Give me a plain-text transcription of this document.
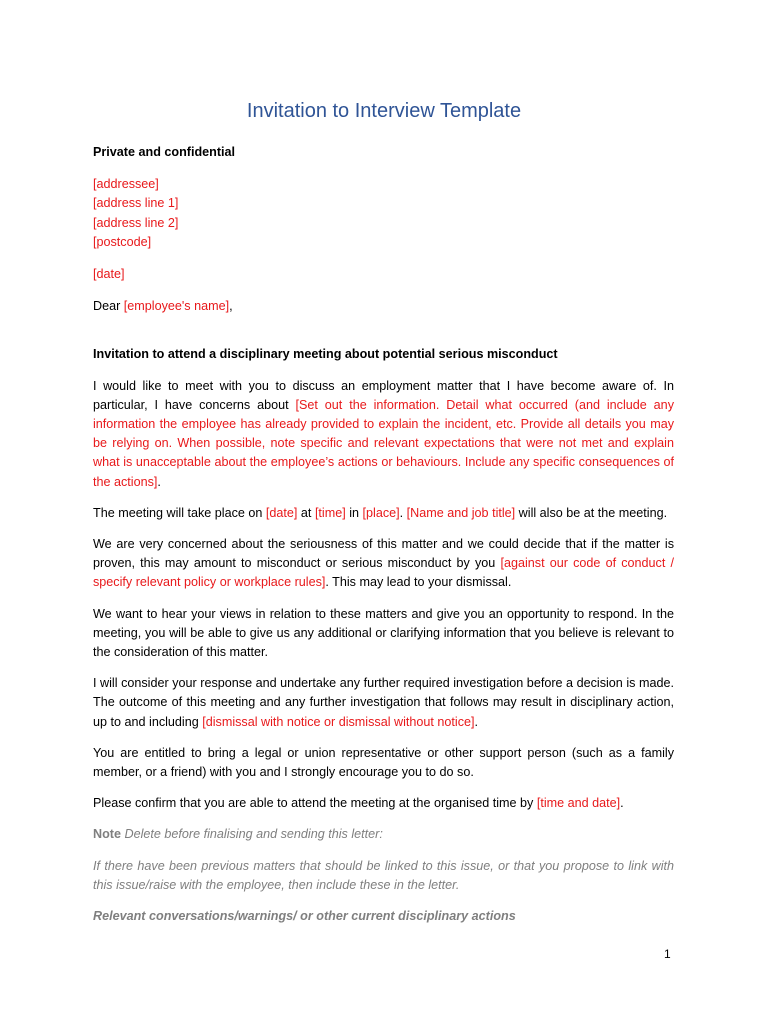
Invitation to Interview Template

Private and confidential

[addressee]

[address line 1]

[address line 2]

[postcode]

[date]

Dear [employee's name],

Invitation to attend a disciplinary meeting about potential serious misconduct

I would like to meet with you to discuss an employment matter that I have become aware of. In particular, I have concerns about [Set out the information. Detail what occurred (and include any information the employee has already provided to explain the incident, etc. Provide all details you may be relying on. When possible, note specific and relevant expectations that were not met and explain what is unacceptable about the employee’s actions or behaviours. Include any specific consequences of the actions].

The meeting will take place on [date] at [time] in [place]. [Name and job title] will also be at the meeting.

We are very concerned about the seriousness of this matter and we could decide that if the matter is proven, this may amount to misconduct or serious misconduct by you [against our code of conduct / specify relevant policy or workplace rules]. This may lead to your dismissal.

We want to hear your views in relation to these matters and give you an opportunity to respond. In the meeting, you will be able to give us any additional or clarifying information that you believe is relevant to the consideration of this matter.

I will consider your response and undertake any further required investigation before a decision is made. The outcome of this meeting and any further investigation that follows may result in disciplinary action, up to and including [dismissal with notice or dismissal without notice].

You are entitled to bring a legal or union representative or other support person (such as a family member, or a friend) with you and I strongly encourage you to do so.

Please confirm that you are able to attend the meeting at the organised time by [time and date].

Note Delete before finalising and sending this letter:

If there have been previous matters that should be linked to this issue, or that you propose to link with this issue/raise with the employee, then include these in the letter.

Relevant conversations/warnings/ or other current disciplinary actions

1
